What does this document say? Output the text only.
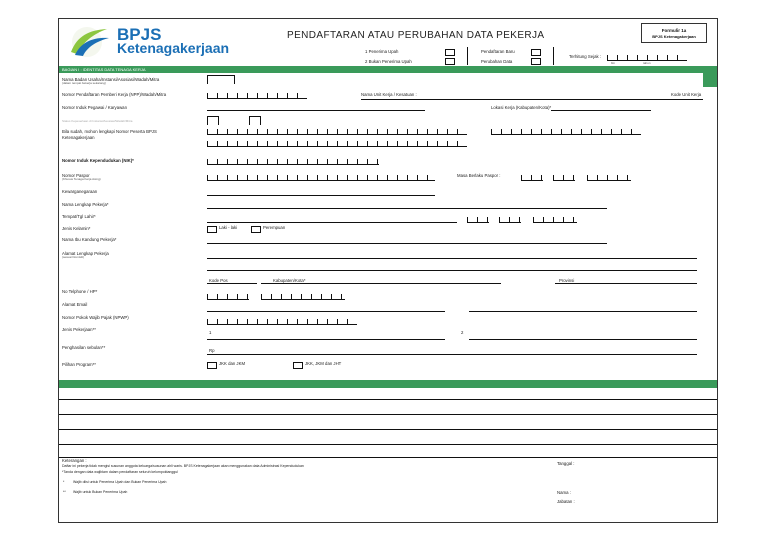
BPJS
Ketenagakerjaan
PENDAFTARAN ATAU PERUBAHAN DATA PEKERJA	Formulir 1a
BPJS Ketenagakerjaan
1 Penerima Upah
2 Bukan Penerima Upah
Pendaftaran Baru
Perubahan Data
Terhitung Sejak :
bln	tahun
BAGIAN I : IDENTITAS DATA TENAGA KERJA
Nama Badan Usaha/Instansi/Asosiasi/Wadah/Mitra
(dalam tempat bekerja sekarang)
Nomor Pendaftaran Pemberi Kerja (NPP)/Wadah/Mitra	Nama Unit Kerja / Kesatuan :	Kode Unit Kerja
Nomor Induk Pegawai / Karyawan	Lokasi Kerja (Kabupaten/Kota)*
Status Kepesertaan di Instansi/Asosiasi/Wadah/Mitra
Bila sudah, mohon lengkapi Nomor Peserta BPJS
Ketenagakerjaan
Nomor Induk Kependudukan (NIK)*
Nomor Paspor
(Khusus Tenaga Kerja Asing)
Masa Berlaku Paspor :
Kewarganegaraan
Nama Lengkap Pekerja*
Tempat/Tgl Lahir*
Jenis Kelamin*	Laki - laki	Perempuan
Nama Ibu Kandung Pekerja*
Alamat Lengkap Pekerja
(sesuai Domisili)
Kode Pos	Kabupaten/Kota*	Provinsi
No Telphone / HP*
Alamat Email
Nomor Pokok Wajib Pajak (NPWP)
Jenis Pekerjaan**
1	2
Penghasilan sebulan**
Rp
Pilihan Program**	JKK dan JKM	JKK, JKM dan JHT
Keterangan :
Daftar ini pekerja tidak mengisi susunan anggota keluarga/susunan ahli waris. BPJS Ketenagakerjaan akan menggunakan data Administrasi Kependudukan
*Tanda dengan data wajiblam dalam pendaftaran seluruh kelompoktanggul
* Wajib diisi untuk Penerima Upah dan Bukan Penerima Upah
** Wajib untuk Bukan Penerima Upah
Tanggal :
Nama :
Jabatan :
